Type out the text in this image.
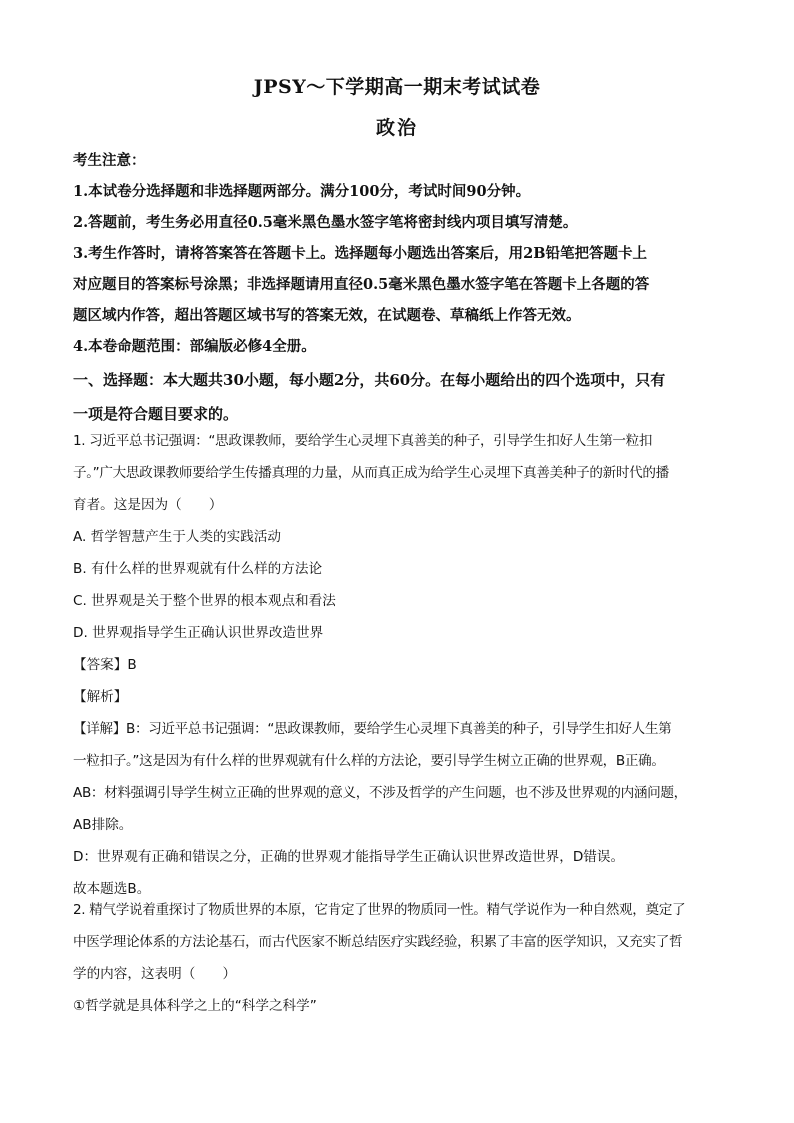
JPSY～下学期高一期末考试试卷
政治
考生注意：
1.本试卷分选择题和非选择题两部分。满分100分，考试时间90分钟。
2.答题前，考生务必用直径0.5毫米黑色墨水签字笔将密封线内项目填写清楚。
3.考生作答时，请将答案答在答题卡上。选择题每小题选出答案后，用2B铅笔把答题卡上
对应题目的答案标号涂黑；非选择题请用直径0.5毫米黑色墨水签字笔在答题卡上各题的答
题区域内作答，超出答题区域书写的答案无效，在试题卷、草稿纸上作答无效。
4.本卷命题范围：部编版必修4全册。
一、选择题：本大题共30小题，每小题2分，共60分。在每小题给出的四个选项中，只有
一项是符合题目要求的。
1. 习近平总书记强调：“思政课教师，要给学生心灵埋下真善美的种子，引导学生扣好人生第一粒扣
子。”广大思政课教师要给学生传播真理的力量，从而真正成为给学生心灵埋下真善美种子的新时代的播
育者。这是因为（　　）
A. 哲学智慧产生于人类的实践活动
B. 有什么样的世界观就有什么样的方法论
C. 世界观是关于整个世界的根本观点和看法
D. 世界观指导学生正确认识世界改造世界
【答案】B
【解析】
【详解】B：习近平总书记强调：“思政课教师，要给学生心灵埋下真善美的种子，引导学生扣好人生第
一粒扣子。”这是因为有什么样的世界观就有什么样的方法论，要引导学生树立正确的世界观，B正确。
AB：材料强调引导学生树立正确的世界观的意义，不涉及哲学的产生问题，也不涉及世界观的内涵问题，
AB排除。
D：世界观有正确和错误之分，正确的世界观才能指导学生正确认识世界改造世界，D错误。
故本题选B。
2. 精气学说着重探讨了物质世界的本原，它肯定了世界的物质同一性。精气学说作为一种自然观，奠定了
中医学理论体系的方法论基石，而古代医家不断总结医疗实践经验，积累了丰富的医学知识，又充实了哲
学的内容，这表明（　　）
①哲学就是具体科学之上的“科学之科学”
